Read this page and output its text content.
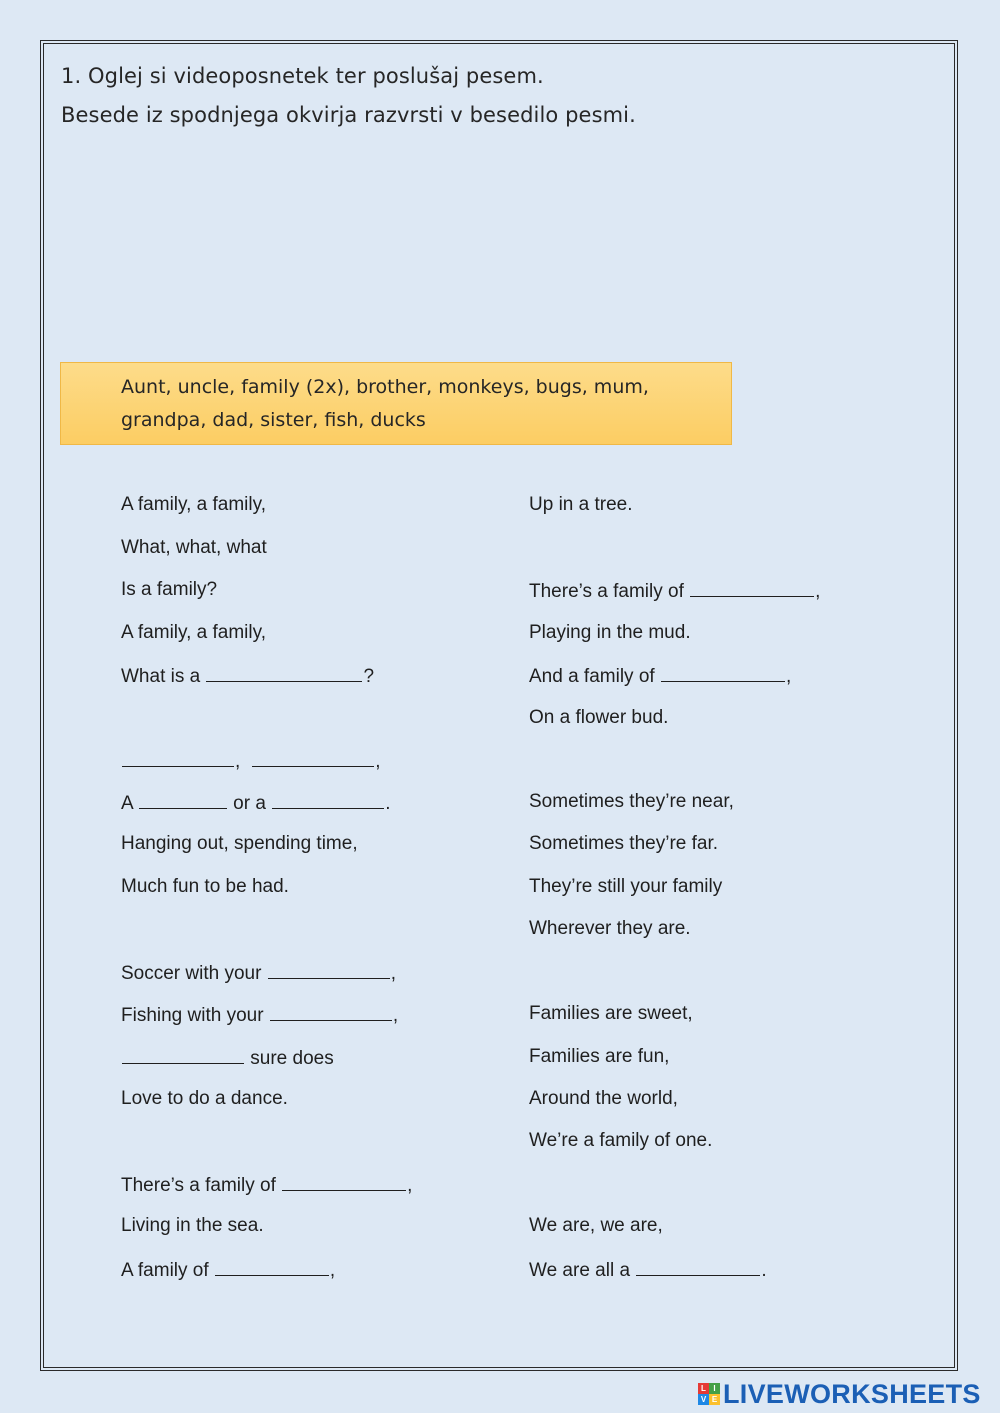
1. Oglej si videoposnetek ter poslušaj pesem.
Besede iz spodnjega okvirja razvrsti v besedilo pesmi.
Aunt, uncle, family (2x), brother, monkeys, bugs, mum,
grandpa, dad, sister, fish, ducks
A family, a family,
What, what, what
Is a family?
A family, a family,
What is a	?
,	,
A	or a	.
Hanging out, spending time,
Much fun to be had.
Soccer with your	,
Fishing with your	,
sure does
Love to do a dance.
There’s a family of	,
Living in the sea.
A family of	,
Up in a tree.
There’s a family of	,
Playing in the mud.
And a family of	,
On a flower bud.
Sometimes they’re near,
Sometimes they’re far.
They’re still your family
Wherever they are.
Families are sweet,
Families are fun,
Around the world,
We’re a family of one.
We are, we are,
We are all a	.
L I
V E LIVEWORKSHEETS
